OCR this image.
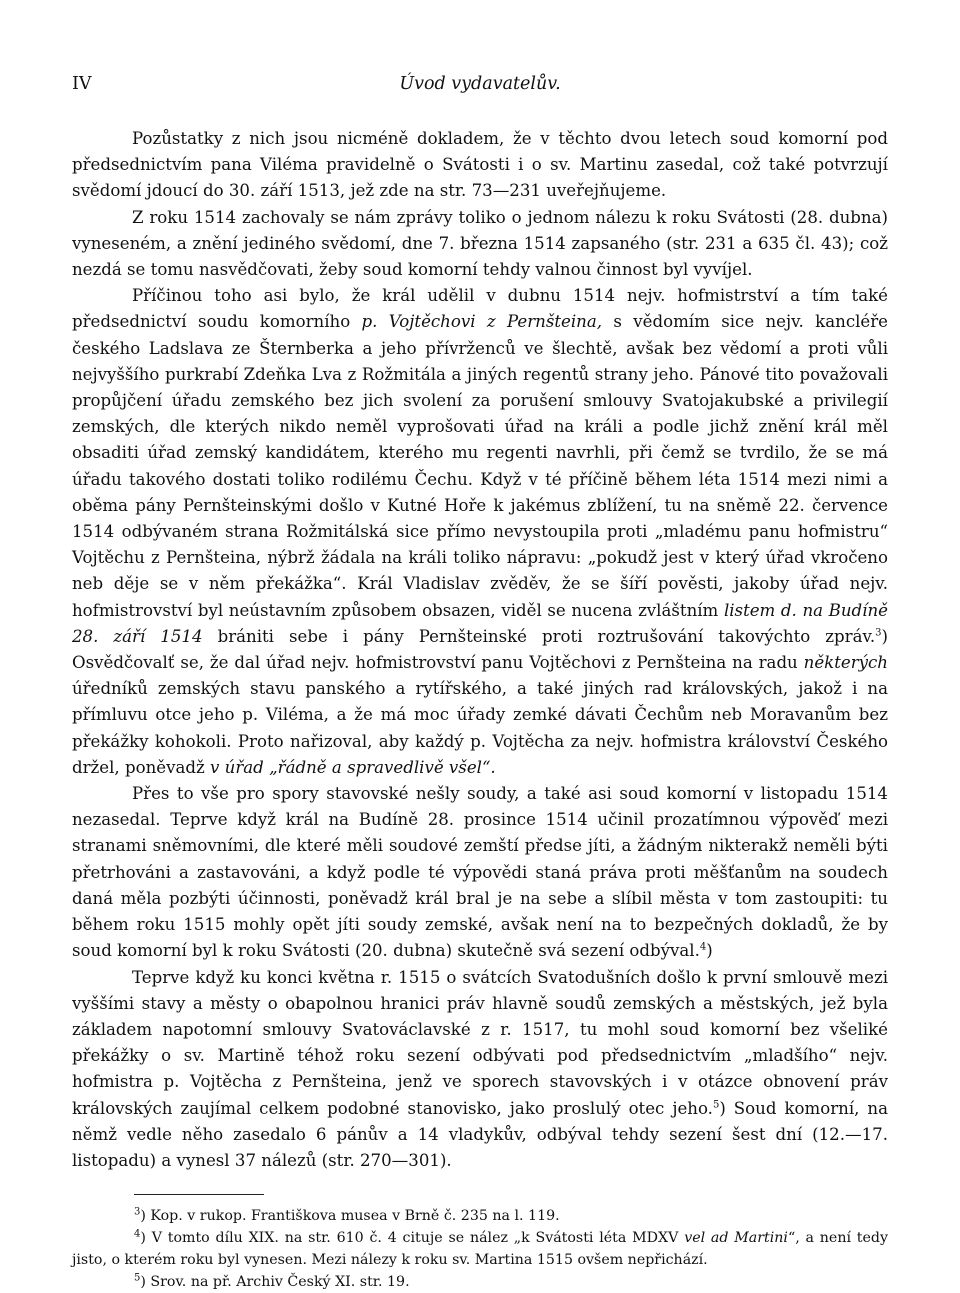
IV	Úvod vydavatelův.

Pozůstatky z nich jsou nicméně dokladem, že v těchto dvou letech soud komorní pod předsednictvím pana Viléma pravidelně o Svátosti i o sv. Martinu zasedal, což také potvrzují svědomí jdoucí do 30. září 1513, jež zde na str. 73—231 uveřejňujeme.

Z roku 1514 zachovaly se nám zprávy toliko o jednom nálezu k roku Svátosti (28. dubna) vyneseném, a znění jediného svědomí, dne 7. března 1514 zapsaného (str. 231 a 635 čl. 43); což nezdá se tomu nasvědčovati, žeby soud komorní tehdy valnou činnost byl vyvíjel.

Příčinou toho asi bylo, že král udělil v dubnu 1514 nejv. hofmistrství a tím také předsednictví soudu komorního p. Vojtěchovi z Pernšteina, s vědomím sice nejv. kancléře českého Ladslava ze Šternberka a jeho přívrženců ve šlechtě, avšak bez vědomí a proti vůli nejvyššího purkrabí Zdeňka Lva z Rožmitála a jiných regentů strany jeho. Pánové tito považovali propůjčení úřadu zemského bez jich svolení za porušení smlouvy Svatojakubské a privilegií zemských, dle kterých nikdo neměl vyprošovati úřad na králi a podle jichž znění král měl obsaditi úřad zemský kandidátem, kterého mu regenti navrhli, při čemž se tvrdilo, že se má úřadu takového dostati toliko rodilému Čechu. Když v té příčině během léta 1514 mezi nimi a oběma pány Pernšteinskými došlo v Kutné Hoře k jakémus zblížení, tu na sněmě 22. července 1514 odbývaném strana Rožmitálská sice přímo nevystoupila proti „mladému panu hofmistru“ Vojtěchu z Pernšteina, nýbrž žádala na králi toliko nápravu: „pokudž jest v který úřad vkročeno neb děje se v něm překážka“. Král Vladislav zvěděv, že se šíří pověsti, jakoby úřad nejv. hofmistrovství byl neústavním způsobem obsazen, viděl se nucena zvláštním listem d. na Budíně 28. září 1514 brániti sebe i pány Pernšteinské proti roztrušování takovýchto zpráv.$^3$) Osvědčovalť se, že dal úřad nejv. hofmistrovství panu Vojtěchovi z Pernšteina na radu některých úředníků zemských stavu panského a rytířského, a také jiných rad královských, jakož i na přímluvu otce jeho p. Viléma, a že má moc úřady zemké dávati Čechům neb Moravanům bez překážky kohokoli. Proto nařizoval, aby každý p. Vojtěcha za nejv. hofmistra království Českého držel, poněvadž v úřad „řádně a spravedlivě všel“.

Přes to vše pro spory stavovské nešly soudy, a také asi soud komorní v listopadu 1514 nezasedal. Teprve když král na Budíně 28. prosince 1514 učinil prozatímnou výpověď mezi stranami sněmovními, dle které měli soudové zemští předse jíti, a žádným nikterakž neměli býti přetrhováni a zastavováni, a když podle té výpovědi staná práva proti měšťanům na soudech daná měla pozbýti účinnosti, poněvadž král bral je na sebe a slíbil města v tom zastoupiti: tu během roku 1515 mohly opět jíti soudy zemské, avšak není na to bezpečných dokladů, že by soud komorní byl k roku Svátosti (20. dubna) skutečně svá sezení odbýval.$^4$)

Teprve když ku konci května r. 1515 o svátcích Svatodušních došlo k první smlouvě mezi vyššími stavy a městy o obapolnou hranici práv hlavně soudů zemských a městských, jež byla základem napotomní smlouvy Svatováclavské z r. 1517, tu mohl soud komorní bez všeliké překážky o sv. Martině téhož roku sezení odbývati pod předsednictvím „mladšího“ nejv. hofmistra p. Vojtěcha z Pernšteina, jenž ve sporech stavovských i v otázce obnovení práv královských zaujímal celkem podobné stanovisko, jako proslulý otec jeho.$^5$) Soud komorní, na němž vedle něho zasedalo 6 pánův a 14 vladykův, odbýval tehdy sezení šest dní (12.—17. listopadu) a vynesl 37 nálezů (str. 270—301).

$^3$) Kop. v rukop. Františkova musea v Brně č. 235 na l. 119.

$^4$) V tomto dílu XIX. na str. 610 č. 4 cituje se nález „k Svátosti léta MDXV vel ad Martini“, a není tedy jisto, o kterém roku byl vynesen. Mezi nálezy k roku sv. Martina 1515 ovšem nepřichází.

$^5$) Srov. na př. Archiv Český XI. str. 19.
